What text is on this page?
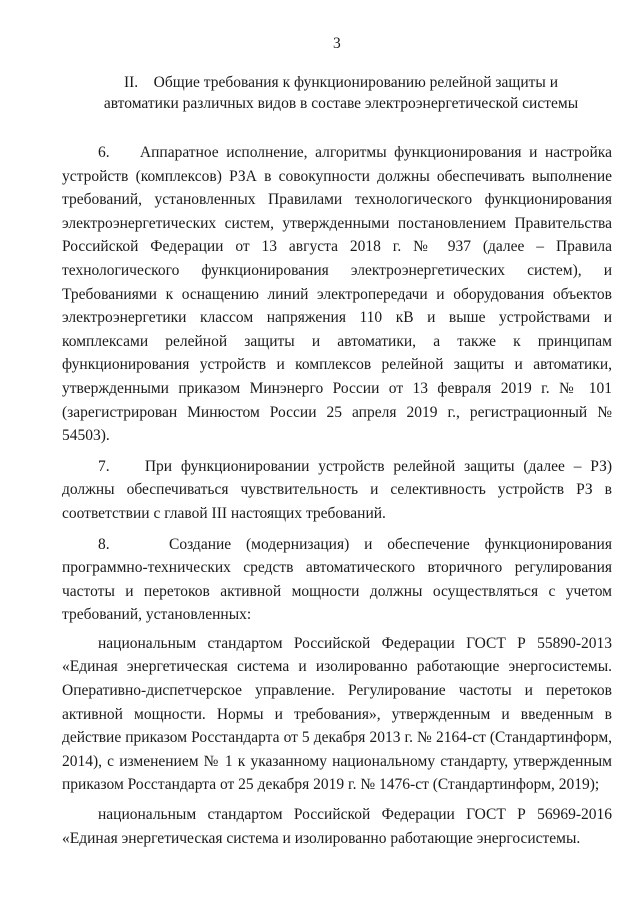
3
II.    Общие требования к функционированию релейной защиты и
автоматики различных видов в составе электроэнергетической системы

6.    Аппаратное исполнение, алгоритмы функционирования и настройка устройств (комплексов) РЗА в совокупности должны обеспечивать выполнение требований, установленных Правилами технологического функционирования электроэнергетических систем, утвержденными постановлением Правительства Российской Федерации от 13 августа 2018 г. № 937 (далее – Правила технологического функционирования электроэнергетических систем), и Требованиями к оснащению линий электропередачи и оборудования объектов электроэнергетики классом напряжения 110 кВ и выше устройствами и комплексами релейной защиты и автоматики, а также к принципам функционирования устройств и комплексов релейной защиты и автоматики, утвержденными приказом Минэнерго России от 13 февраля 2019 г. № 101 (зарегистрирован Минюстом России 25 апреля 2019 г., регистрационный № 54503).

7.    При функционировании устройств релейной защиты (далее – РЗ) должны обеспечиваться чувствительность и селективность устройств РЗ в соответствии с главой III настоящих требований.

8.    Создание (модернизация) и обеспечение функционирования программно-технических средств автоматического вторичного регулирования частоты и перетоков активной мощности должны осуществляться с учетом требований, установленных:

национальным стандартом Российской Федерации ГОСТ Р 55890-2013 «Единая энергетическая система и изолированно работающие энергосистемы. Оперативно-диспетчерское управление. Регулирование частоты и перетоков активной мощности. Нормы и требования», утвержденным и введенным в действие приказом Росстандарта от 5 декабря 2013 г. № 2164-ст (Стандартинформ, 2014), с изменением № 1 к указанному национальному стандарту, утвержденным приказом Росстандарта от 25 декабря 2019 г. № 1476-ст (Стандартинформ, 2019);

национальным стандартом Российской Федерации ГОСТ Р 56969-2016 «Единая энергетическая система и изолированно работающие энергосистемы.
